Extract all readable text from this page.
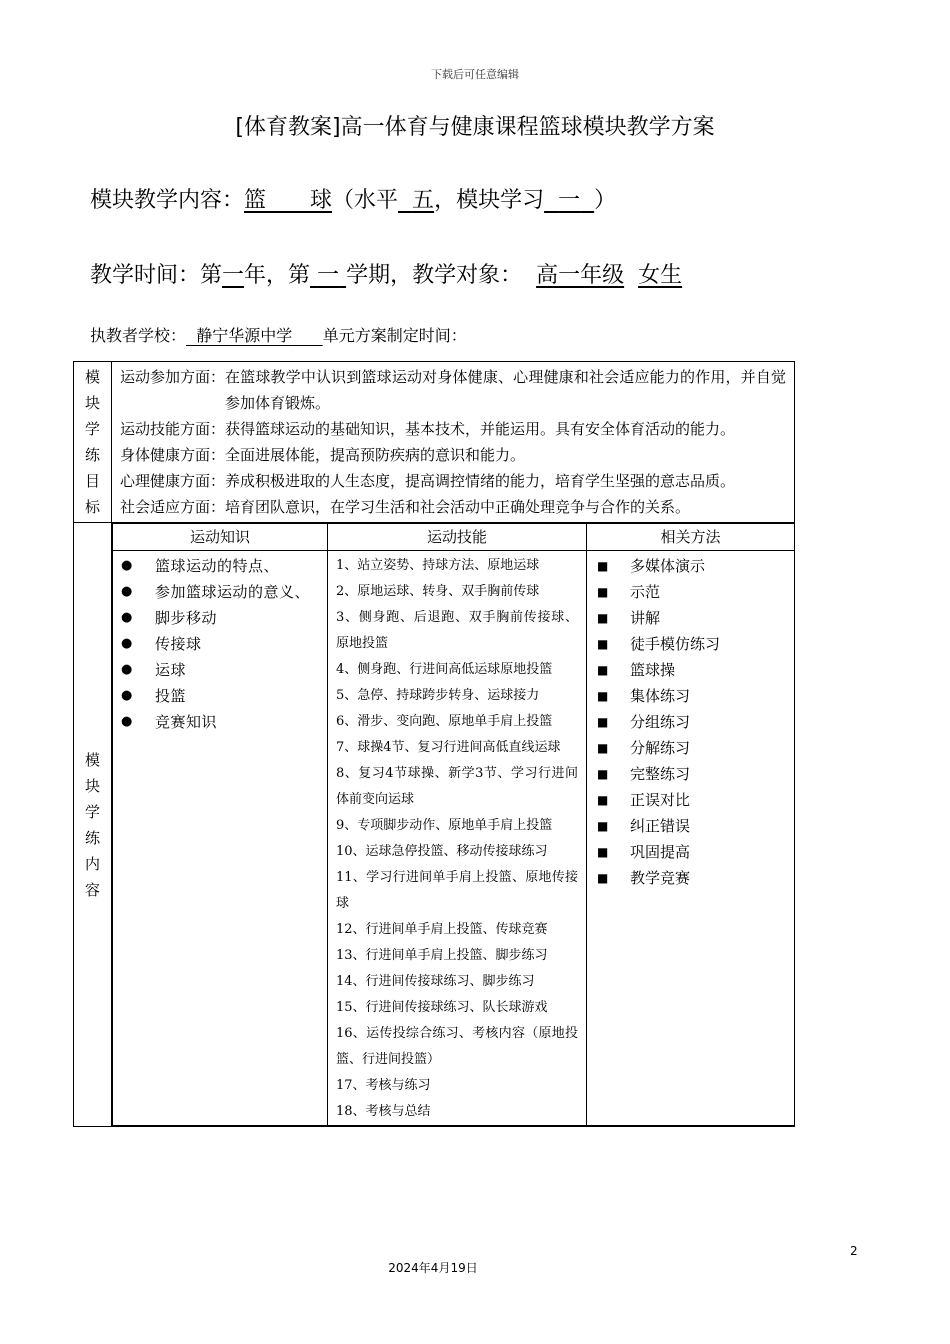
下载后可任意编辑
[体育教案]高一体育与健康课程篮球模块教学方案
模块教学内容：篮　　球（水平 五，模块学习 一 ）
教学时间：第一年，第 一 学期，教学对象： 高一年级 女生
执教者学校： 静宁华源中学 单元方案制定时间：
模
块
学
练
目
标

运动参加方面： 在篮球教学中认识到篮球运动对身体健康、心理健康和社会适应能力的作用，并自觉参加体育锻炼。
运动技能方面： 获得篮球运动的基础知识，基本技术，并能运用。具有安全体育活动的能力。
身体健康方面： 全面进展体能，提高预防疾病的意识和能力。
心理健康方面： 养成积极进取的人生态度，提高调控情绪的能力，培育学生坚强的意志品质。
社会适应方面： 培育团队意识，在学习生活和社会活动中正确处理竞争与合作的关系。

模
块
学
练
内
容

运动知识	运动技能	相关方法

●	篮球运动的特点、
●	参加篮球运动的意义、
●	脚步移动
●	传接球
●	运球
●	投篮
●	竞赛知识

1、站立姿势、持球方法、原地运球
2、原地运球、转身、双手胸前传球
3、侧身跑、后退跑、双手胸前传接球、原地投篮
4、侧身跑、行进间高低运球原地投篮
5、急停、持球跨步转身、运球接力
6、滑步、变向跑、原地单手肩上投篮
7、球操4节、复习行进间高低直线运球
8、复习4节球操、新学3节、学习行进间体前变向运球
9、专项脚步动作、原地单手肩上投篮
10、运球急停投篮、移动传接球练习
11、学习行进间单手肩上投篮、原地传接球
12、行进间单手肩上投篮、传球竞赛
13、行进间单手肩上投篮、脚步练习
14、行进间传接球练习、脚步练习
15、行进间传接球练习、队长球游戏
16、运传投综合练习、考核内容（原地投篮、行进间投篮）
17、考核与练习
18、考核与总结

■	多媒体演示
■	示范
■	讲解
■	徒手模仿练习
■	篮球操
■	集体练习
■	分组练习
■	分解练习
■	完整练习
■	正误对比
■	纠正错误
■	巩固提高
■	教学竞赛
2
2024年4月19日
